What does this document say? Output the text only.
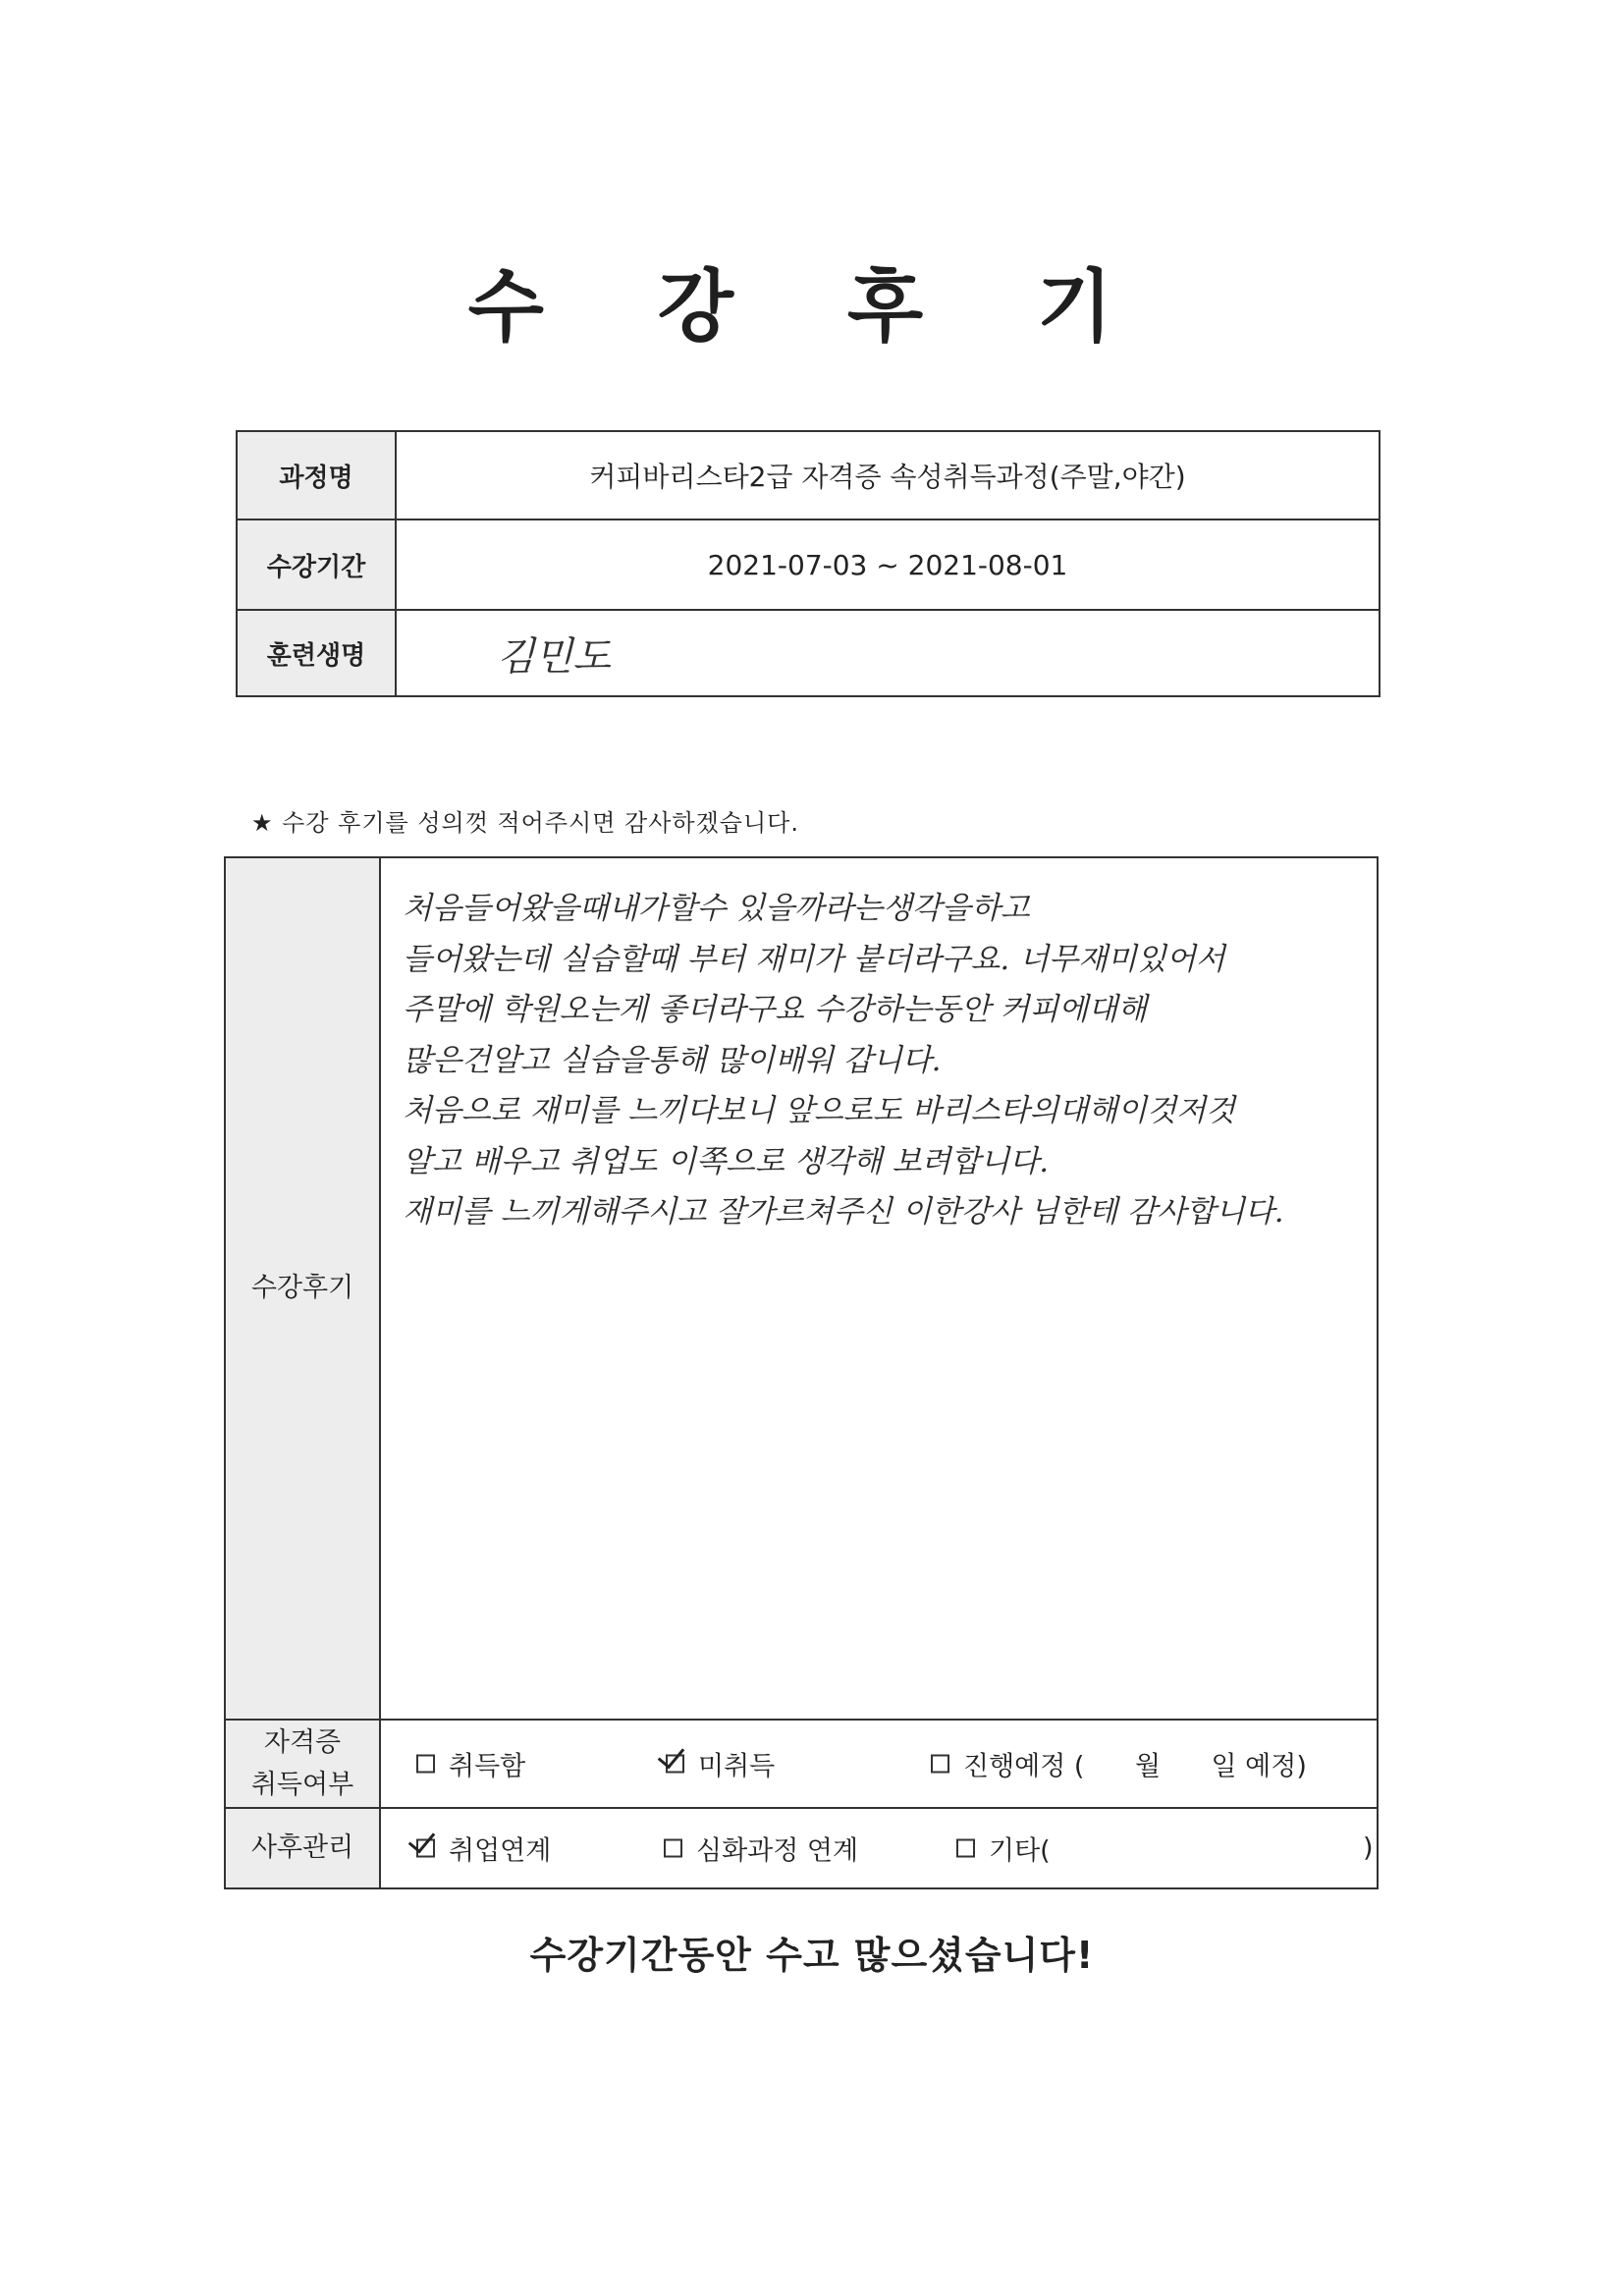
수 강 후 기
과정명	커피바리스타2급 자격증 속성취득과정(주말,야간)
수강기간	2021-07-03 ~ 2021-08-01
훈련생명	김민도
★ 수강 후기를 성의껏 적어주시면 감사하겠습니다.
수강후기
처음들어왔을때내가할수 있을까라는생각을하고
들어왔는데 실습할때 부터 재미가 붙더라구요. 너무재미있어서
주말에 학원오는게 좋더라구요 수강하는동안 커피에대해
많은건알고 실습을통해 많이배워 갑니다.
처음으로 재미를 느끼다보니 앞으로도 바리스타의대해이것저것
알고 배우고 취업도 이쪽으로 생각해 보려합니다.
재미를 느끼게해주시고 잘가르쳐주신 이한강사 님한테 감사합니다.
자격증
취득여부
취득함	미취득	진행예정 (      월      일 예정)
사후관리	취업연계	심화과정 연계	기타(	)
수강기간동안 수고 많으셨습니다!
